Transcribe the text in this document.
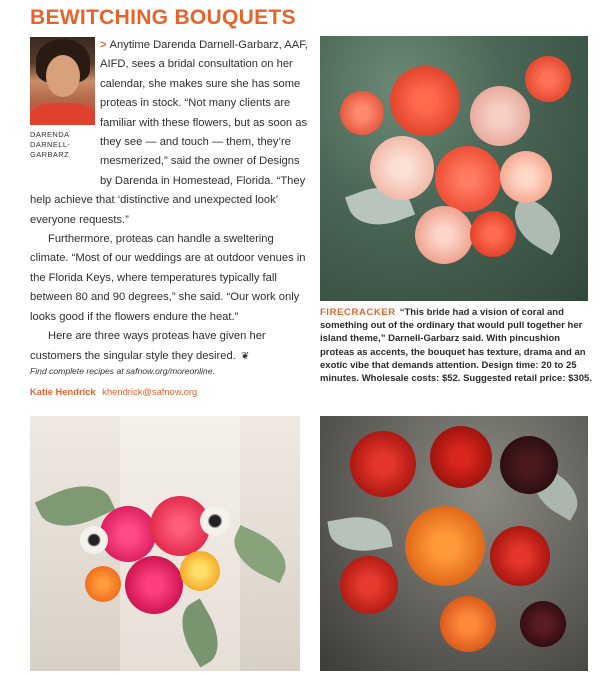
BEWITCHING BOUQUETS
DARENDA
DARNELL-
GARBARZ

> Anytime Darenda Darnell-Garbarz, AAF, AIFD, sees a bridal consultation on her calendar, she makes sure she has some proteas in stock. “Not many clients are familiar with these flowers, but as soon as they see — and touch — them, they’re mesmerized,” said the owner of Designs by Darenda in Homestead, Florida. “They help achieve that ‘distinctive and unexpected look’ everyone requests.”

Furthermore, proteas can handle a sweltering climate. “Most of our weddings are at outdoor venues in the Florida Keys, where temperatures typically fall between 80 and 90 degrees,” she said. “Our work only looks good if the flowers endure the heat.”

Here are three ways proteas have given her customers the singular style they desired. ❦

Find complete recipes at safnow.org/moreonline.
Katie Hendrick khendrick@safnow.org
FIRECRACKER “This bride had a vision of coral and something out of the ordinary that would pull together her island theme,” Darnell-Garbarz said. With pincushion proteas as accents, the bouquet has texture, drama and an exotic vibe that demands attention. Design time: 20 to 25 minutes. Wholesale costs: $52. Suggested retail price: $305.
